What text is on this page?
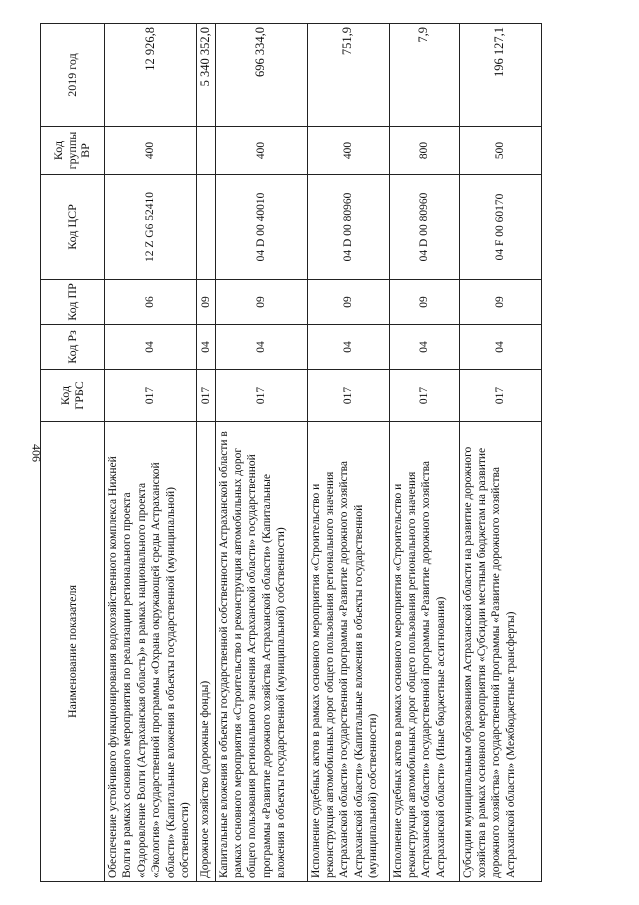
406
Наименование показателя	Код ГРБС	Код Рз	Код ПР	Код ЦСР	Код группы ВР	2019 год
Обеспечение устойчивого функционирования водохозяйственного комплекса Нижней Волги в рамках основного мероприятия по реализации регионального проекта «Оздоровление Волги (Астраханская область)» в рамках национального проекта «Экология» государственной программы «Охрана окружающей среды Астраханской области» (Капитальные вложения в объекты государственной (муниципальной) собственности)	017	04	06	12 Z G6 52410	400	12 926,8
Дорожное хозяйство (дорожные фонды)	017	04	09			5 340 352,0
Капитальные вложения в объекты государственной собственности Астраханской области в рамках основного мероприятия «Строительство и реконструкция автомобильных дорог общего пользования регионального значения Астраханской области» государственной программы «Развитие дорожного хозяйства Астраханской области» (Капитальные вложения в объекты государственной (муниципальной) собственности)	017	04	09	04 D 00 40010	400	696 334,0
Исполнение судебных актов в рамках основного мероприятия «Строительство и реконструкция автомобильных дорог общего пользования регионального значения Астраханской области» государственной программы «Развитие дорожного хозяйства Астраханской области» (Капитальные вложения в объекты государственной (муниципальной) собственности)	017	04	09	04 D 00 80960	400	751,9
Исполнение судебных актов в рамках основного мероприятия «Строительство и реконструкция автомобильных дорог общего пользования регионального значения Астраханской области» государственной программы «Развитие дорожного хозяйства Астраханской области» (Иные бюджетные ассигнования)	017	04	09	04 D 00 80960	800	7,9
Субсидии муниципальным образованиям Астраханской области на развитие дорожного хозяйства в рамках основного мероприятия «Субсидии местным бюджетам на развитие дорожного хозяйства» государственной программы «Развитие дорожного хозяйства Астраханской области» (Межбюджетные трансферты)	017	04	09	04 F 00 60170	500	196 127,1
